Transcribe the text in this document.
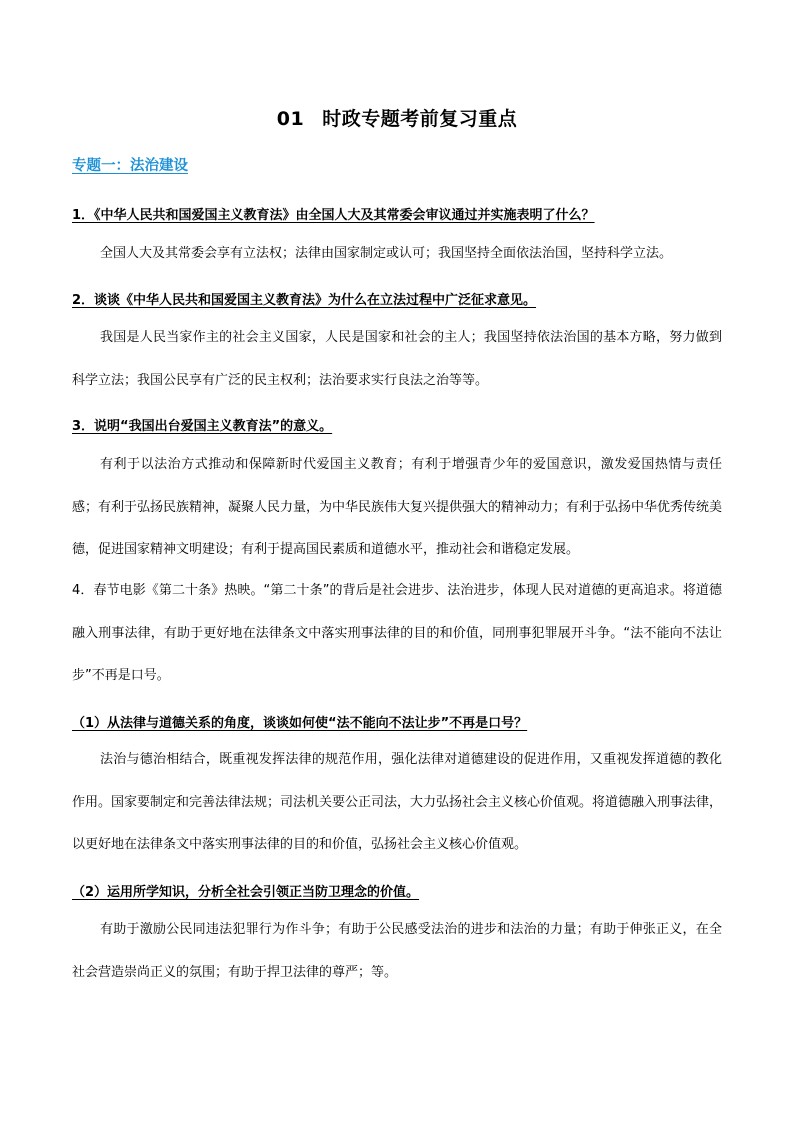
01 时政专题考前复习重点
专题一：法治建设
1．《中华人民共和国爱国主义教育法》由全国人大及其常委会审议通过并实施表明了什么？
全国人大及其常委会享有立法权；法律由国家制定或认可；我国坚持全面依法治国，坚持科学立法。
2．谈谈《中华人民共和国爱国主义教育法》为什么在立法过程中广泛征求意见。
我国是人民当家作主的社会主义国家，人民是国家和社会的主人；我国坚持依法治国的基本方略，努力做到科学立法；我国公民享有广泛的民主权利；法治要求实行良法之治等等。
3．说明“我国出台爱国主义教育法”的意义。
有利于以法治方式推动和保障新时代爱国主义教育；有利于增强青少年的爱国意识，激发爱国热情与责任感；有利于弘扬民族精神，凝聚人民力量，为中华民族伟大复兴提供强大的精神动力；有利于弘扬中华优秀传统美德，促进国家精神文明建设；有利于提高国民素质和道德水平，推动社会和谐稳定发展。
4．春节电影《第二十条》热映。“第二十条”的背后是社会进步、法治进步，体现人民对道德的更高追求。将道德融入刑事法律，有助于更好地在法律条文中落实刑事法律的目的和价值，同刑事犯罪展开斗争。“法不能向不法让步”不再是口号。
（1）从法律与道德关系的角度，谈谈如何使“法不能向不法让步”不再是口号？
法治与德治相结合，既重视发挥法律的规范作用，强化法律对道德建设的促进作用，又重视发挥道德的教化作用。国家要制定和完善法律法规；司法机关要公正司法，大力弘扬社会主义核心价值观。将道德融入刑事法律，以更好地在法律条文中落实刑事法律的目的和价值，弘扬社会主义核心价值观。
（2）运用所学知识，分析全社会引领正当防卫理念的价值。
有助于激励公民同违法犯罪行为作斗争；有助于公民感受法治的进步和法治的力量；有助于伸张正义，在全社会营造崇尚正义的氛围；有助于捍卫法律的尊严；等。
